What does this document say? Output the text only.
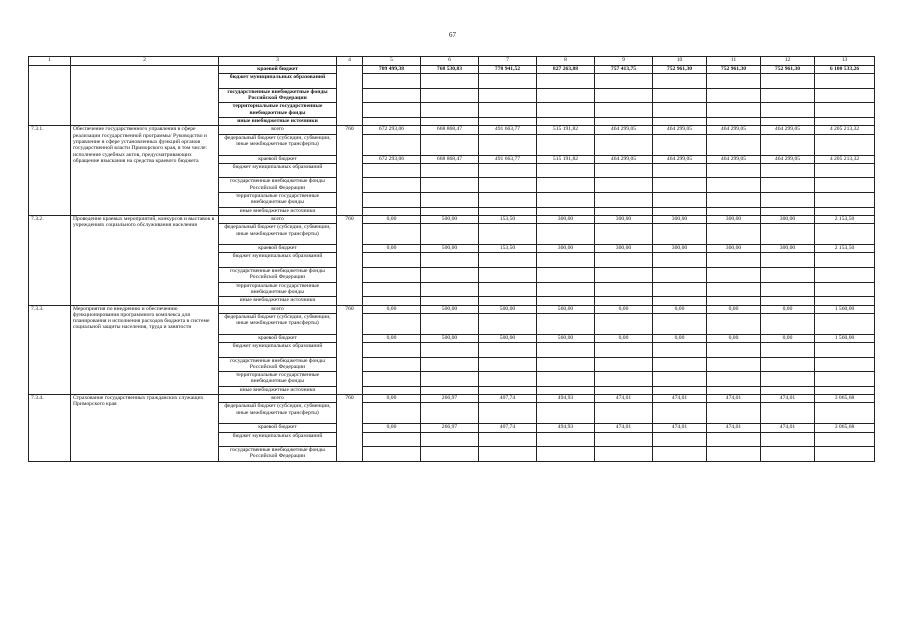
67
1	2	3	4	5	6	7	8	9	10	11	12	13
		краевой бюджет		709 499,38	768 530,83	778 941,52	827 263,88	757 413,75	752 961,30	752 961,30	752 961,30	6 100 533,26
		бюджет муниципальных образований										
		государственные внебюджетные фонды Российской Федерации										
		территориальные государственные внебюджетные фонды										
		иные внебюджетные источники										
7.3.1.	Обеспечение государственного управления в сфере реализации государственной программы/ Руководство и управление в сфере установленных функций органов государственной власти Приморского края, в том числе: исполнение судебных актов, предусматривающих обращение взыскания на средства краевого бюджета	всего	760	672 293,06	668 868,47	491 663,77	515 191,82	464 299,05	464 299,05	464 299,05	464 299,05	4 205 213,32
		федеральный бюджет (субсидии, субвенции, иные межбюджетные трансферты)										
		краевой бюджет		672 293,06	668 868,47	491 663,77	515 191,82	464 299,05	464 299,05	464 299,05	464 299,05	4 205 213,32
		бюджет муниципальных образований										
		государственные внебюджетные фонды Российской Федерации										
		территориальные государственные внебюджетные фонды										
		иные внебюджетные источники										
7.3.2.	Проведение краевых мероприятий, конкурсов и выставок в учреждениях социального обслуживания населения	всего	760	0,00	500,00	153,50	300,00	300,00	300,00	300,00	300,00	2 153,50
		федеральный бюджет (субсидии, субвенции, иные межбюджетные трансферты)										
		краевой бюджет		0,00	500,00	153,50	300,00	300,00	300,00	300,00	300,00	2 153,50
		бюджет муниципальных образований										
		государственные внебюджетные фонды Российской Федерации										
		территориальные государственные внебюджетные фонды										
		иные внебюджетные источники										
7.3.3.	Мероприятия по внедрению и обеспечению функционирования программного комплекса для планирования и исполнения расходов бюджета в системе социальной защиты населения, труда и занятости	всего	760	0,00	500,00	500,00	560,00	0,00	0,00	0,00	0,00	1 560,00
		федеральный бюджет (субсидии, субвенции, иные межбюджетные трансферты)										
		краевой бюджет		0,00	500,00	500,00	560,00	0,00	0,00	0,00	0,00	1 560,00
		бюджет муниципальных образований										
		государственные внебюджетные фонды Российской Федерации										
		территориальные государственные внебюджетные фонды										
		иные внебюджетные источники										
7.3.4.	Страхование государственных гражданских служащих Приморского края	всего	760	0,00	266,97	407,74	494,93	474,01	474,01	474,01	474,01	3 065,68
		федеральный бюджет (субсидии, субвенции, иные межбюджетные трансферты)										
		краевой бюджет		0,00	266,97	407,74	494,93	474,01	474,01	474,01	474,01	3 065,68
		бюджет муниципальных образований										
		государственные внебюджетные фонды Российской Федерации										
